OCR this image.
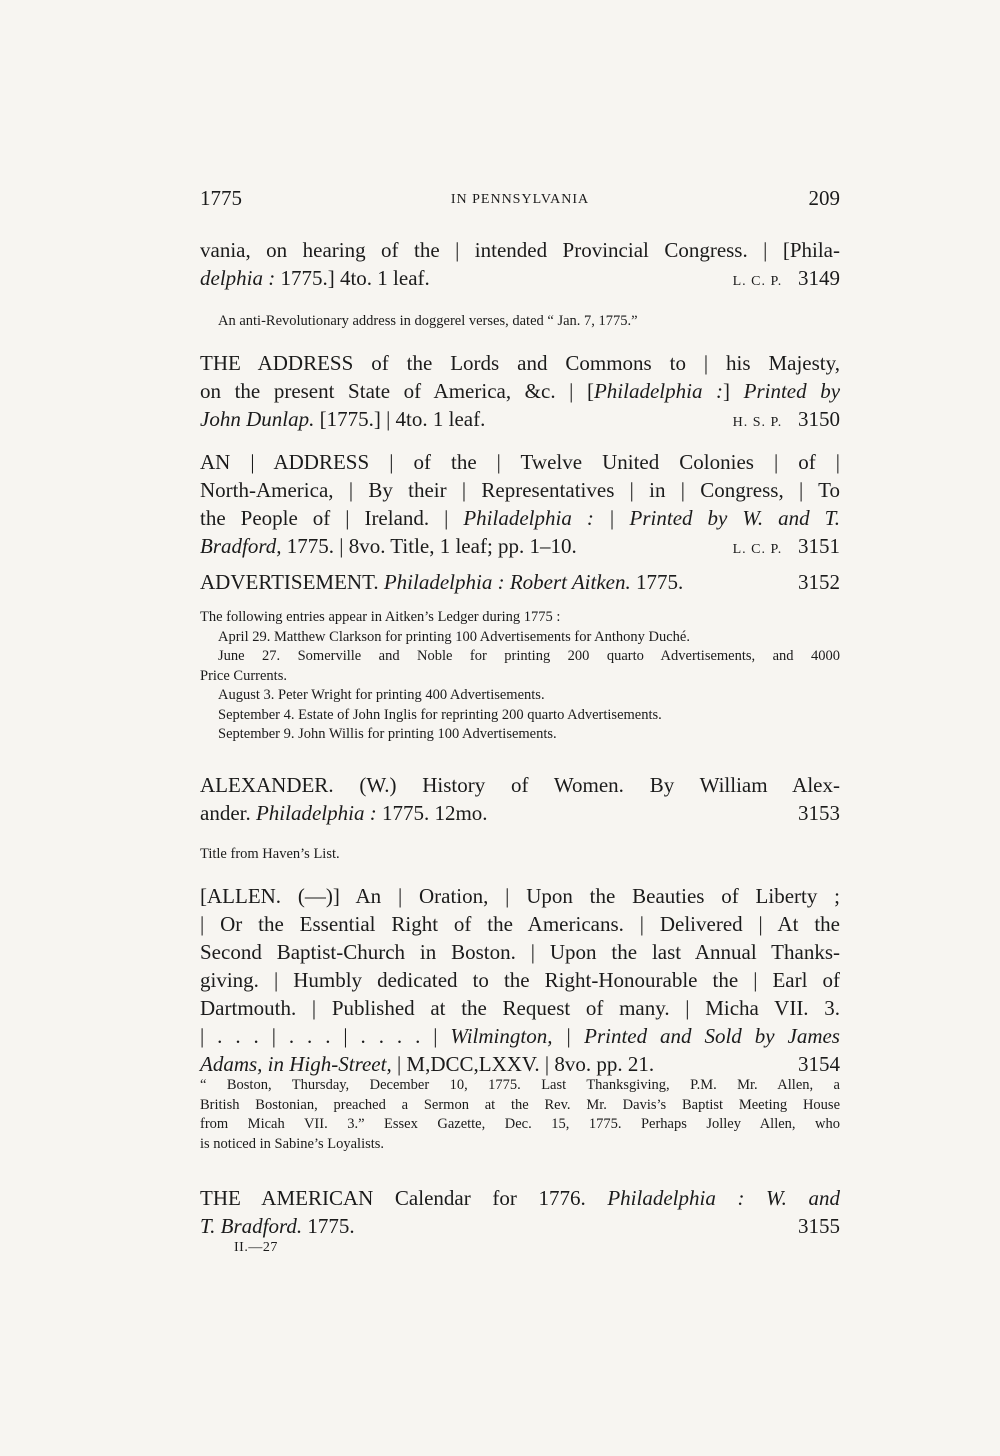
1775	IN PENNSYLVANIA	209
vania, on hearing of the | intended Provincial Congress. | [Phila-
delphia : 1775.] 4to. 1 leaf.	L. C. P. 3149
An anti-Revolutionary address in doggerel verses, dated “ Jan. 7, 1775.”
THE ADDRESS of the Lords and Commons to | his Majesty,
on the present State of America, &c. | [Philadelphia :] Printed by
John Dunlap. [1775.] | 4to. 1 leaf.	H. S. P. 3150
AN | ADDRESS | of the | Twelve United Colonies | of |
North-America, | By their | Representatives | in | Congress, | To
the People of | Ireland. | Philadelphia : | Printed by W. and T.
Bradford, 1775. | 8vo. Title, 1 leaf; pp. 1–10.	L. C. P. 3151
ADVERTISEMENT. Philadelphia : Robert Aitken. 1775.	3152
The following entries appear in Aitken’s Ledger during 1775 :
April 29. Matthew Clarkson for printing 100 Advertisements for Anthony Duché.
June 27. Somerville and Noble for printing 200 quarto Advertisements, and 4000
Price Currents.
August 3. Peter Wright for printing 400 Advertisements.
September 4. Estate of John Inglis for reprinting 200 quarto Advertisements.
September 9. John Willis for printing 100 Advertisements.
ALEXANDER. (W.) History of Women. By William Alex-
ander. Philadelphia : 1775. 12mo.	3153
Title from Haven’s List.
[ALLEN. (—)] An | Oration, | Upon the Beauties of Liberty ;
| Or the Essential Right of the Americans. | Delivered | At the
Second Baptist-Church in Boston. | Upon the last Annual Thanks-
giving. | Humbly dedicated to the Right-Honourable the | Earl of
Dartmouth. | Published at the Request of many. | Micha VII. 3.
| . . . | . . . | . . . . | Wilmington, | Printed and Sold by James
Adams, in High-Street, | M,DCC,LXXV. | 8vo. pp. 21.	3154
“ Boston, Thursday, December 10, 1775. Last Thanksgiving, P.M. Mr. Allen, a
British Bostonian, preached a Sermon at the Rev. Mr. Davis’s Baptist Meeting House
from Micah VII. 3.” Essex Gazette, Dec. 15, 1775. Perhaps Jolley Allen, who
is noticed in Sabine’s Loyalists.
THE AMERICAN Calendar for 1776. Philadelphia : W. and
T. Bradford. 1775.	3155
II.—27
